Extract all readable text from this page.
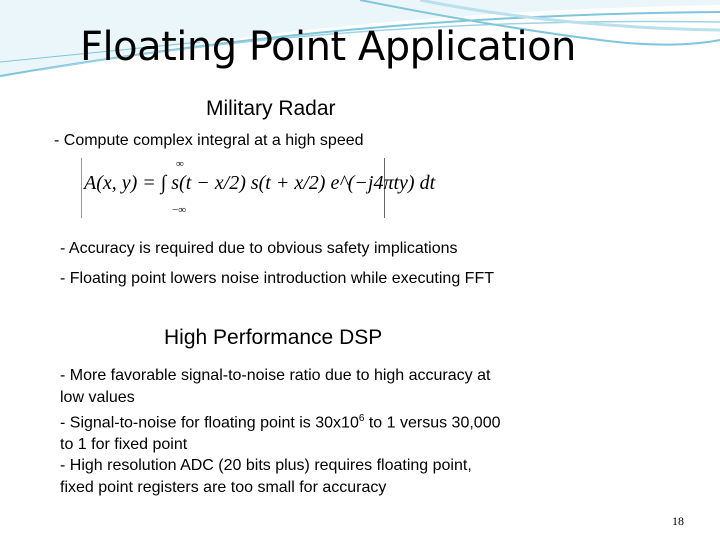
Floating Point Application
Military Radar
- Compute complex integral at a high speed
∞
A(x, y) = ∫ s(t − x/2) s(t + x/2) e^(−j4πty) dt
−∞
- Accuracy is required due to obvious safety implications
- Floating point lowers noise introduction while executing FFT
High Performance DSP
- More favorable signal-to-noise ratio due to high accuracy at
low values
- Signal-to-noise for floating point is $30x10^6$ to 1 versus 30,000
to 1 for fixed point
- High resolution ADC (20 bits plus) requires floating point,
fixed point registers are too small for accuracy
18
